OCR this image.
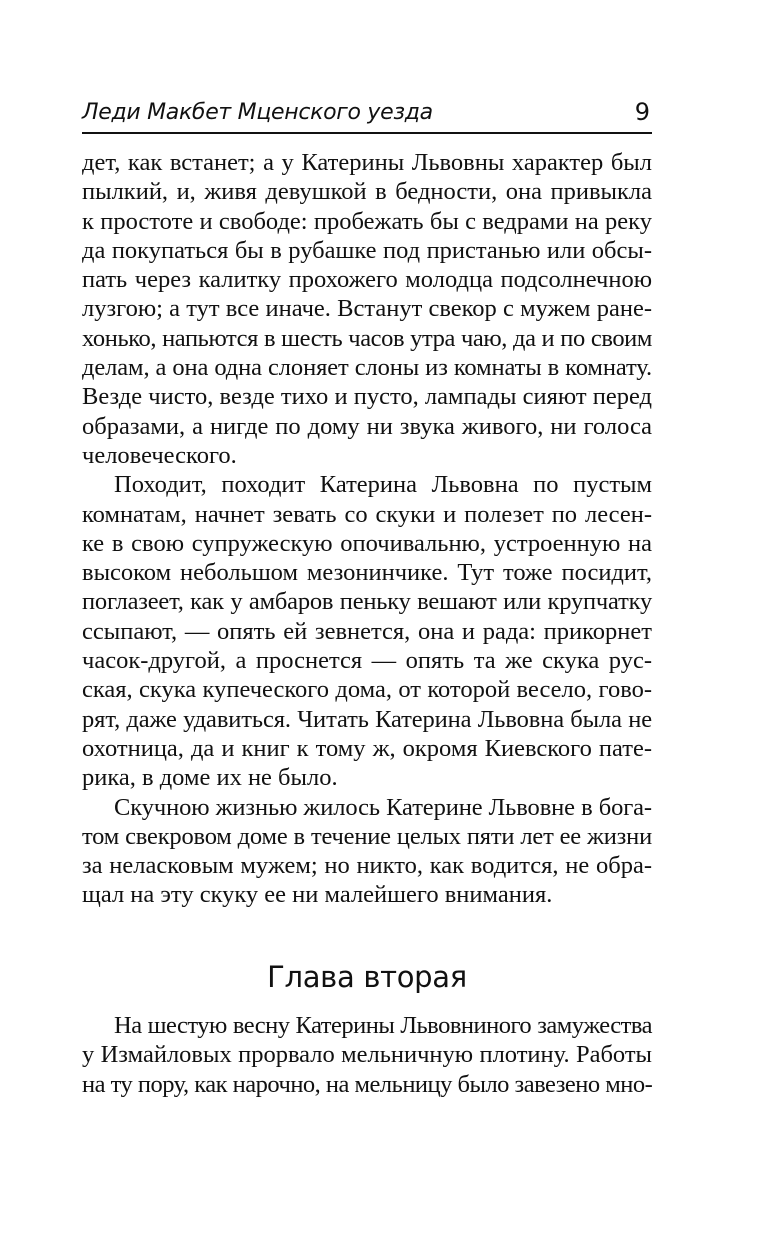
Леди Макбет Мценского уезда	9

дет, как встанет; а у Катерины Львовны характер был
пылкий, и, живя девушкой в бедности, она привыкла
к простоте и свободе: пробежать бы с ведрами на реку
да покупаться бы в рубашке под пристанью или обсы-
пать через калитку прохожего молодца подсолнечною
лузгою; а тут все иначе. Встанут свекор с мужем ране-
хонько, напьются в шесть часов утра чаю, да и по своим
делам, а она одна слоняет слоны из комнаты в комнату.
Везде чисто, везде тихо и пусто, лампады сияют перед
образами, а нигде по дому ни звука живого, ни голоса
человеческого.

Походит, походит Катерина Львовна по пустым
комнатам, начнет зевать со скуки и полезет по лесен-
ке в свою супружескую опочивальню, устроенную на
высоком небольшом мезонинчике. Тут тоже посидит,
поглазеет, как у амбаров пеньку вешают или крупчатку
ссыпают, — опять ей зевнется, она и рада: прикорнет
часок-другой, а проснется — опять та же скука рус-
ская, скука купеческого дома, от которой весело, гово-
рят, даже удавиться. Читать Катерина Львовна была не
охотница, да и книг к тому ж, окромя Киевского пате-
рика, в доме их не было.

Скучною жизнью жилось Катерине Львовне в бога-
том свекровом доме в течение целых пяти лет ее жизни
за неласковым мужем; но никто, как водится, не обра-
щал на эту скуку ее ни малейшего внимания.

Глава вторая

На шестую весну Катерины Львовниного замужества
у Измайловых прорвало мельничную плотину. Работы
на ту пору, как нарочно, на мельницу было завезено мно-
